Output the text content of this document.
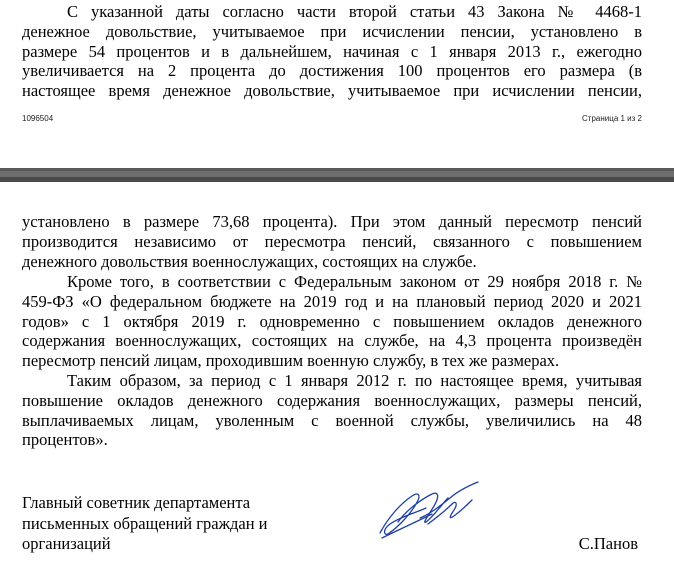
С указанной даты согласно части второй статьи 43 Закона № 4468-1
денежное довольствие, учитываемое при исчислении пенсии, установлено в
размере 54 процентов и в дальнейшем, начиная с 1 января 2013 г., ежегодно
увеличивается на 2 процента до достижения 100 процентов его размера (в
настоящее время денежное довольствие, учитываемое при исчислении пенсии,
1096504	Страница 1 из 2
установлено в размере 73,68 процента). При этом данный пересмотр пенсий
производится независимо от пересмотра пенсий, связанного с повышением
денежного довольствия военнослужащих, состоящих на службе.
Кроме того, в соответствии с Федеральным законом от 29 ноября 2018 г. №
459-ФЗ «О федеральном бюджете на 2019 год и на плановый период 2020 и 2021
годов» с 1 октября 2019 г. одновременно с повышением окладов денежного
содержания военнослужащих, состоящих на службе, на 4,3 процента произведён
пересмотр пенсий лицам, проходившим военную службу, в тех же размерах.
Таким образом, за период с 1 января 2012 г. по настоящее время, учитывая
повышение окладов денежного содержания военнослужащих, размеры пенсий,
выплачиваемых лицам, уволенным с военной службы, увеличились на 48
процентов».
Главный советник департамента
письменных обращений граждан и
организаций	С.Панов
